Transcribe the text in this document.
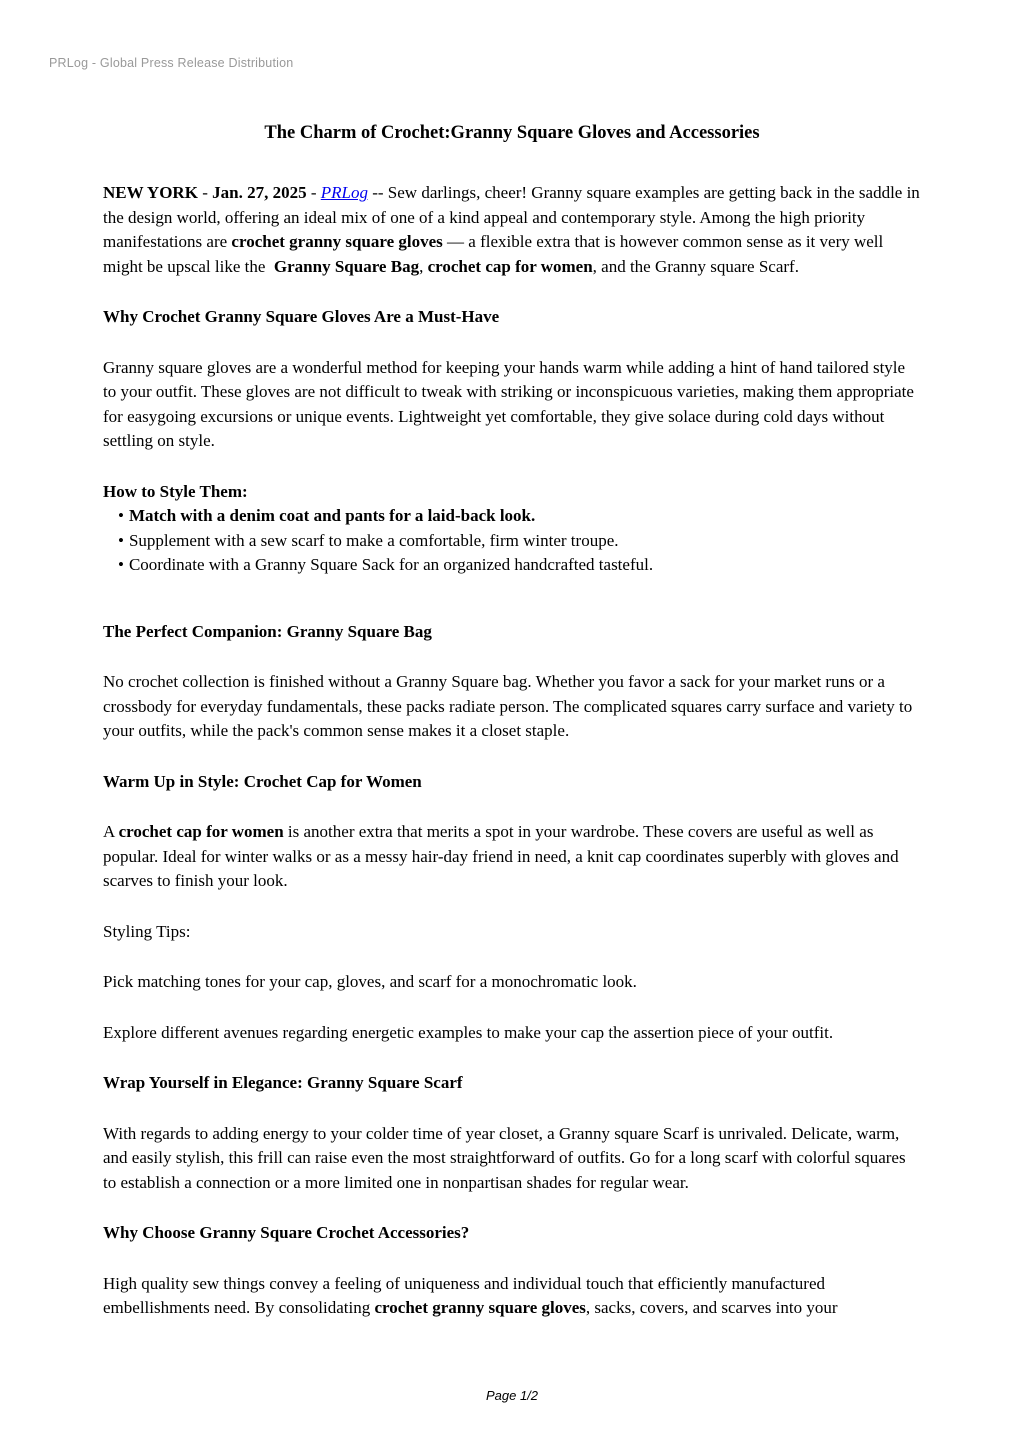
PRLog - Global Press Release Distribution
The Charm of Crochet:Granny Square Gloves and Accessories

NEW YORK - Jan. 27, 2025 - PRLog -- Sew darlings, cheer! Granny square examples are getting back in the saddle in the design world, offering an ideal mix of one of a kind appeal and contemporary style. Among the high priority manifestations are crochet granny square gloves — a flexible extra that is however common sense as it very well might be upscal like the  Granny Square Bag, crochet cap for women, and the Granny square Scarf.

Why Crochet Granny Square Gloves Are a Must-Have

Granny square gloves are a wonderful method for keeping your hands warm while adding a hint of hand tailored style to your outfit. These gloves are not difficult to tweak with striking or inconspicuous varieties, making them appropriate for easygoing excursions or unique events. Lightweight yet comfortable, they give solace during cold days without settling on style.

How to Style Them:

• Match with a denim coat and pants for a laid-back look.
• Supplement with a sew scarf to make a comfortable, firm winter troupe.
• Coordinate with a Granny Square Sack for an organized handcrafted tasteful.
The Perfect Companion: Granny Square Bag

No crochet collection is finished without a Granny Square bag. Whether you favor a sack for your market runs or a crossbody for everyday fundamentals, these packs radiate person. The complicated squares carry surface and variety to your outfits, while the pack's common sense makes it a closet staple.

Warm Up in Style: Crochet Cap for Women

A crochet cap for women is another extra that merits a spot in your wardrobe. These covers are useful as well as popular. Ideal for winter walks or as a messy hair-day friend in need, a knit cap coordinates superbly with gloves and scarves to finish your look.

Styling Tips:

Pick matching tones for your cap, gloves, and scarf for a monochromatic look.

Explore different avenues regarding energetic examples to make your cap the assertion piece of your outfit.

Wrap Yourself in Elegance: Granny Square Scarf

With regards to adding energy to your colder time of year closet, a Granny square Scarf is unrivaled. Delicate, warm, and easily stylish, this frill can raise even the most straightforward of outfits. Go for a long scarf with colorful squares to establish a connection or a more limited one in nonpartisan shades for regular wear.

Why Choose Granny Square Crochet Accessories?

High quality sew things convey a feeling of uniqueness and individual touch that efficiently manufactured embellishments need. By consolidating crochet granny square gloves, sacks, covers, and scarves into your

Page 1/2
